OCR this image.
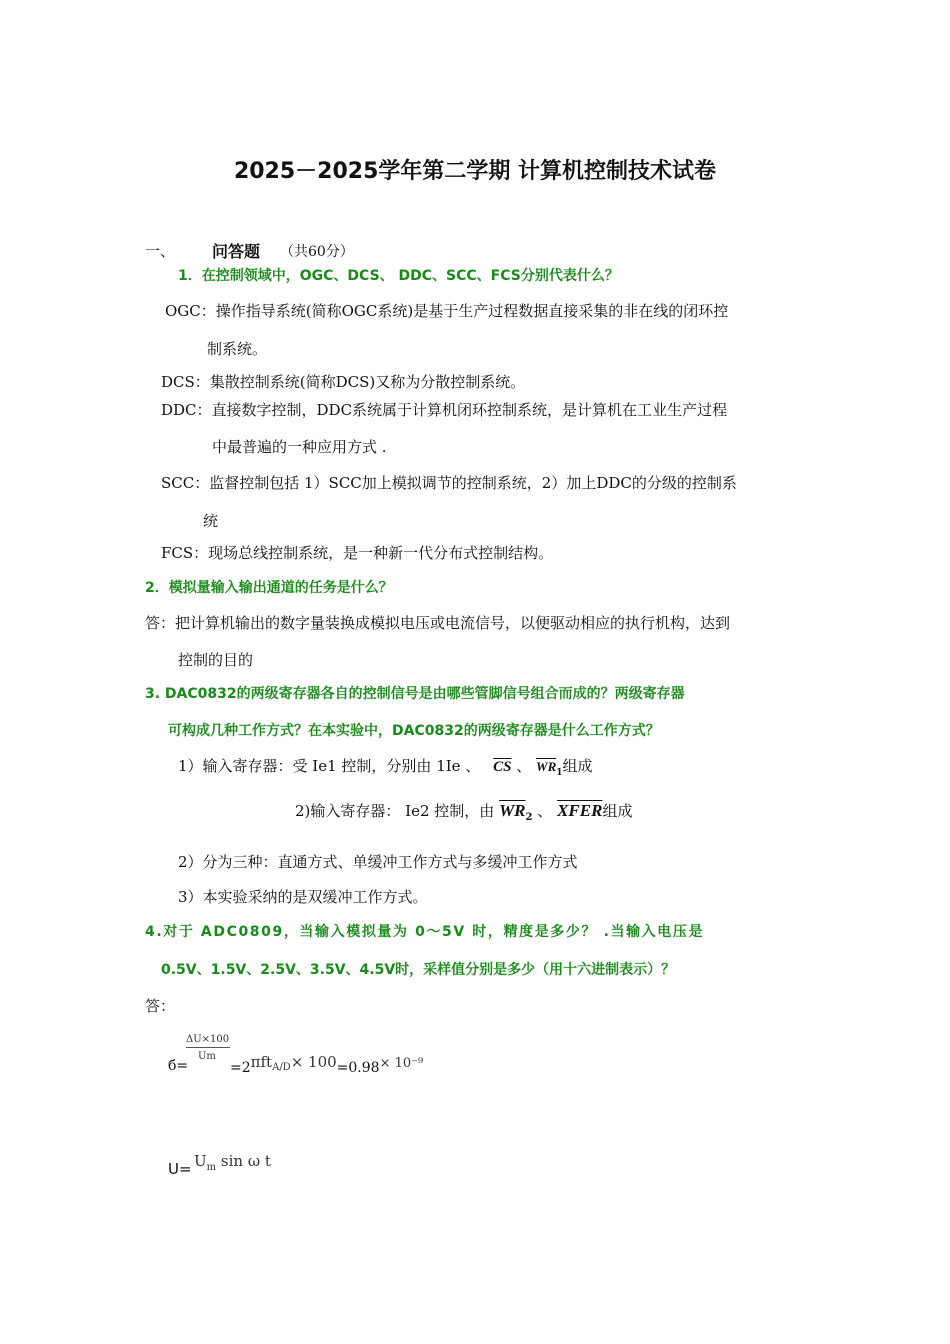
2025－2025学年第二学期 计算机控制技术试卷
一、 问答题 （共60分）
1．在控制领域中，OGC、DCS、 DDC、SCC、FCS分别代表什么？
OGC：操作指导系统(简称OGC系统)是基于生产过程数据直接采集的非在线的闭环控
制系统。
DCS：集散控制系统(简称DCS)又称为分散控制系统。
DDC：直接数字控制，DDC系统属于计算机闭环控制系统，是计算机在工业生产过程
中最普遍的一种应用方式 .
SCC：监督控制包括 1）SCC加上模拟调节的控制系统，2）加上DDC的分级的控制系
统
FCS：现场总线控制系统，是一种新一代分布式控制结构。
2．模拟量输入输出通道的任务是什么？
答：把计算机输出的数字量装换成模拟电压或电流信号，以便驱动相应的执行机构，达到
控制的目的
3. DAC0832的两级寄存器各自的控制信号是由哪些管脚信号组合而成的？两级寄存器
可构成几种工作方式？在本实验中，DAC0832的两级寄存器是什么工作方式？
1）输入寄存器：受 Ie1 控制，分别由 1Ie 、 $\overline{CS}$ 、 $\overline{WR}_1$组成
2)输入寄存器： Ie2 控制，由 $\overline{WR}_2$ 、 XFER组成
2）分为三种：直通方式、单缓冲工作方式与多缓冲工作方式
3）本实验采纳的是双缓冲工作方式。
4.对于 ADC0809，当输入模拟量为 0～5V 时，精度是多少？ .当输入电压是
0.5V、1.5V、2.5V、3.5V、4.5V时，采样值分别是多少（用十六进制表示）？
答：
б=
ΔU×100
Um
=2πftA/D× 100=0.98× 10⁻⁹
$U= U_m$ sin ω t
